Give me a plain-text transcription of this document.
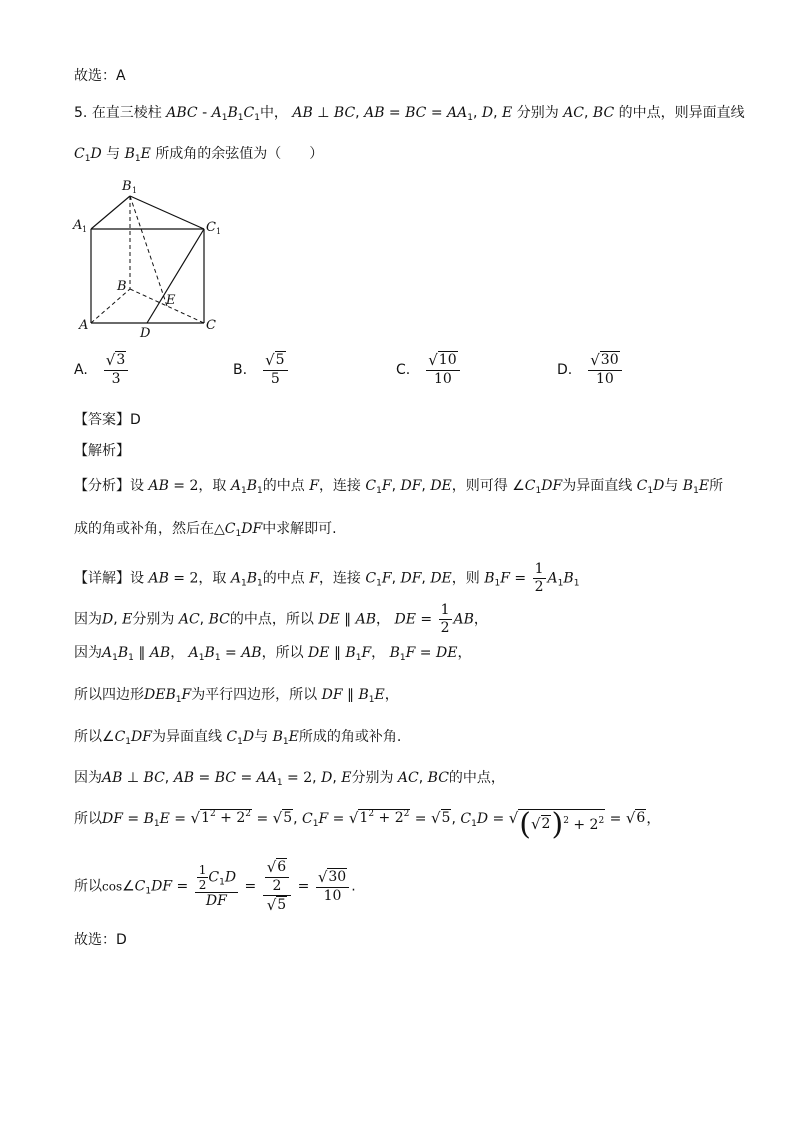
故选：A
5. 在直三棱柱 ABC - $A_1B_1C_1$中， AB ⊥ BC, AB = BC = $AA_1$, D, E 分别为 AC, BC 的中点，则异面直线
$C_1D$ 与 $B_1E$ 所成角的余弦值为（　　）
B 1
A 1	C 1
B
E
A
D
C
A. $\frac{√ 3}{3}$	B. $\frac{√ 5}{5}$	C. $\frac{√ 10}{10}$	D. $\frac{√ 30}{10}$
【答案】D
【解析】
【分析】设 AB = 2，取 $A_1B_1$的中点 F，连接 $C_1F$, DF, DE，则可得 $\angle C_1DF$为异面直线 $C_1D$与 $B_1E$所
成的角或补角，然后在$\triangle C_1DF$中求解即可.
【详解】设 AB = 2，取 $A_1B_1$的中点 F，连接 $C_1F$, DF, DE，则 $B_1F = \frac{1}{2} A_1B_1$
因为D, E分别为 AC, BC的中点，所以 DE ∥ AB， DE = $\frac{1}{2}$ AB，
因为$A_1B_1$ ∥ AB， $A_1B_1$ = AB，所以 DE ∥ $B_1F$， $B_1F$ = DE，
所以四边形$DEB_1F$为平行四边形，所以 DF ∥ $B_1E$，
所以$\angle C_1DF$为异面直线 $C_1D$与 $B_1E$所成的角或补角.
因为AB ⊥ BC, AB = BC = $AA_1 = 2$, D, E分别为 AC, BC的中点，
所以DF = $B_1E$ = √ $1^2 + 2^2$ = √ 5 , $C_1F$ = √ $1^2 + 2^2$ = √ 5 , $C_1D$ = √ ( √ 2 )$^2 + 2^2$ = √ 6 ，
所以$\cos\angle C_1DF = \frac{\frac{1}{2} C_1D}{DF} = \frac{\frac{√ 6}{2}}{√ 5} = \frac{√ 30}{10}$ .
故选：D
